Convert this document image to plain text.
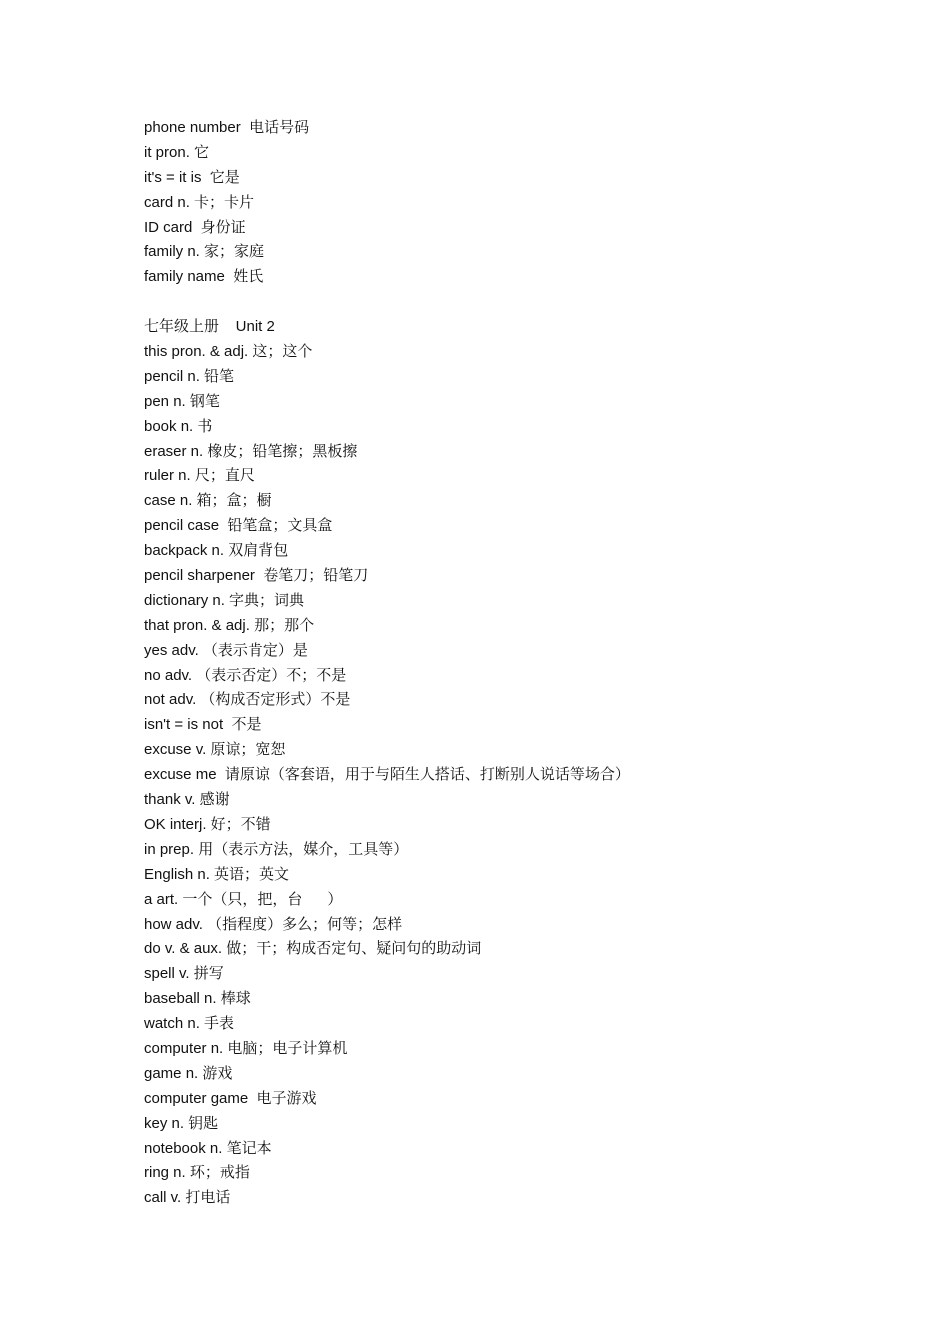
phone number  电话号码
it pron. 它
it's = it is  它是
card n. 卡；卡片
ID card  身份证
family n. 家；家庭
family name  姓氏
七年级上册    Unit 2
this pron. & adj. 这；这个
pencil n. 铅笔
pen n. 钢笔
book n. 书
eraser n. 橡皮；铅笔擦；黑板擦
ruler n. 尺；直尺
case n. 箱；盒；橱
pencil case  铅笔盒；文具盒
backpack n. 双肩背包
pencil sharpener  卷笔刀；铅笔刀
dictionary n. 字典；词典
that pron. & adj. 那；那个
yes adv. （表示肯定）是
no adv. （表示否定）不；不是
not adv. （构成否定形式）不是
isn't = is not  不是
excuse v. 原谅；宽恕
excuse me  请原谅（客套语，用于与陌生人搭话、打断别人说话等场合）
thank v. 感谢
OK interj. 好；不错
in prep. 用（表示方法，媒介，工具等）
English n. 英语；英文
a art. 一个（只，把，台      ）
how adv. （指程度）多么；何等；怎样
do v. & aux. 做；干；构成否定句、疑问句的助动词
spell v. 拼写
baseball n. 棒球
watch n. 手表
computer n. 电脑；电子计算机
game n. 游戏
computer game  电子游戏
key n. 钥匙
notebook n. 笔记本
ring n. 环；戒指
call v. 打电话
